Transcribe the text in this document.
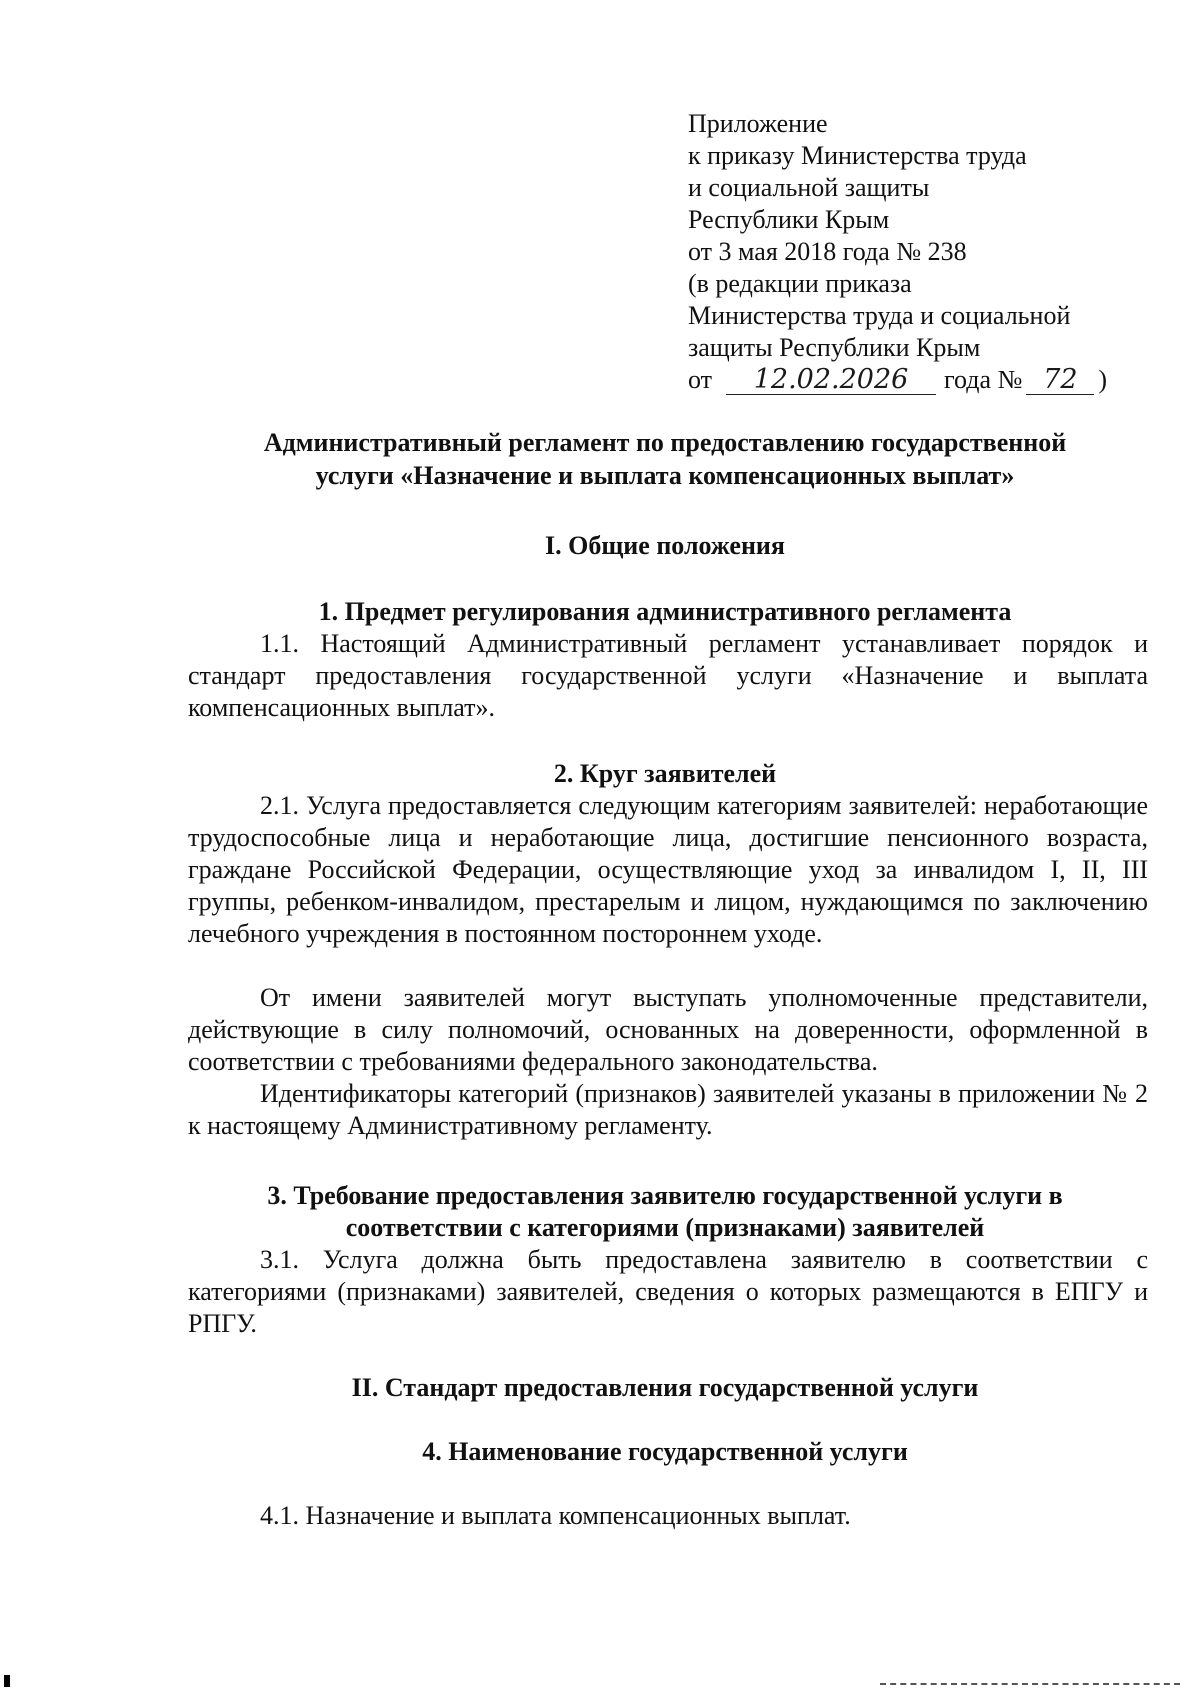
Приложение
к приказу Министерства труда
и социальной защиты
Республики Крым
от 3 мая 2018 года № 238
(в редакции приказа
Министерства труда и социальной
защиты Республики Крым
от	12.02.2026	года № 72 )
Административный регламент по предоставлению государственной
услуги «Назначение и выплата компенсационных выплат»
I. Общие положения
1. Предмет регулирования административного регламента
1.1. Настоящий Административный регламент устанавливает порядок и стандарт предоставления государственной услуги «Назначение и выплата компенсационных выплат».
2. Круг заявителей
2.1. Услуга предоставляется следующим категориям заявителей: неработающие трудоспособные лица и неработающие лица, достигшие пенсионного возраста, граждане Российской Федерации, осуществляющие уход за инвалидом I, II, III группы, ребенком-инвалидом, престарелым и лицом, нуждающимся по заключению лечебного учреждения в постоянном постороннем уходе.
От имени заявителей могут выступать уполномоченные представители, действующие в силу полномочий, основанных на доверенности, оформленной в соответствии с требованиями федерального законодательства.
Идентификаторы категорий (признаков) заявителей указаны в приложении № 2 к настоящему Административному регламенту.
3. Требование предоставления заявителю государственной услуги в
соответствии с категориями (признаками) заявителей
3.1. Услуга должна быть предоставлена заявителю в соответствии с категориями (признаками) заявителей, сведения о которых размещаются в ЕПГУ и РПГУ.
II. Стандарт предоставления государственной услуги
4. Наименование государственной услуги
4.1. Назначение и выплата компенсационных выплат.
